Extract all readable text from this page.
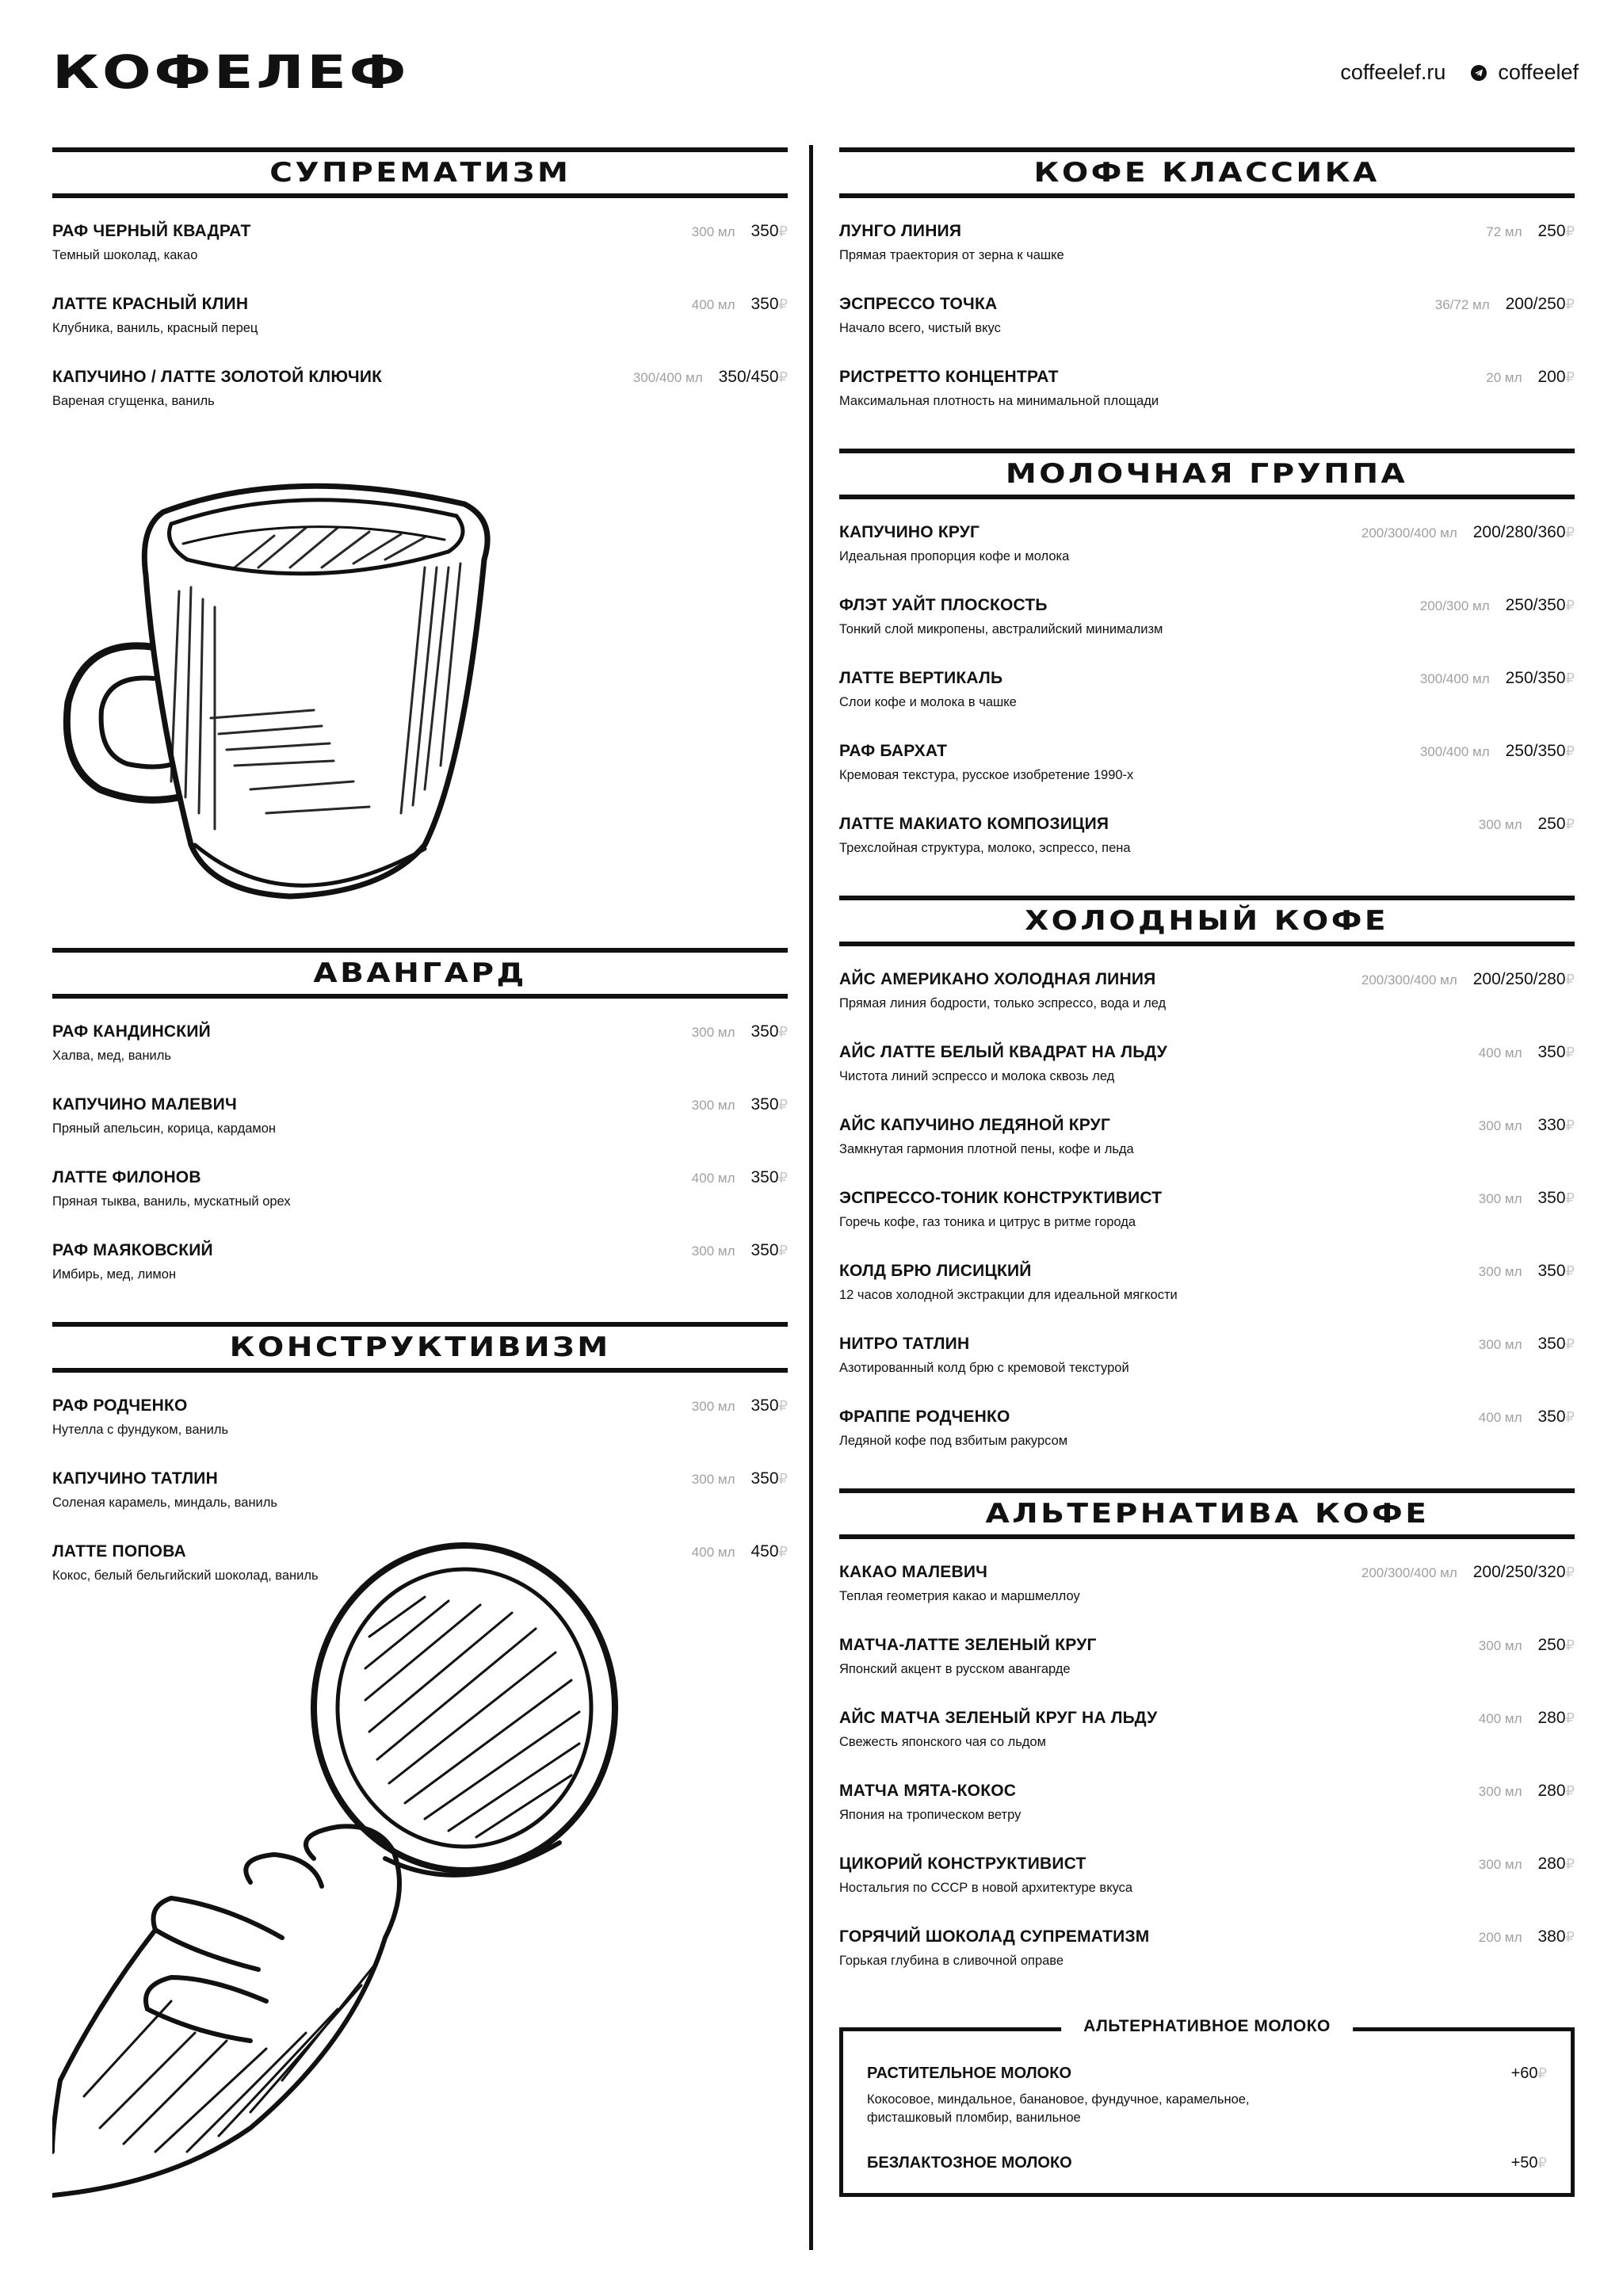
КОФЕЛЕФ	coffeelef.ru coffeelef
СУПРЕМАТИЗМ
РАФ ЧЕРНЫЙ КВАДРАТ
Темный шоколад, какао
300 мл 350₽
ЛАТТЕ КРАСНЫЙ КЛИН
Клубника, ваниль, красный перец
400 мл 350₽
КАПУЧИНО / ЛАТТЕ ЗОЛОТОЙ КЛЮЧИК
Вареная сгущенка, ваниль
300/400 мл 350/450₽
АВАНГАРД
РАФ КАНДИНСКИЙ
Халва, мед, ваниль
300 мл 350₽
КАПУЧИНО МАЛЕВИЧ
Пряный апельсин, корица, кардамон
300 мл 350₽
ЛАТТЕ ФИЛОНОВ
Пряная тыква, ваниль, мускатный орех
400 мл 350₽
РАФ МАЯКОВСКИЙ
Имбирь, мед, лимон
300 мл 350₽
КОНСТРУКТИВИЗМ
РАФ РОДЧЕНКО
Нутелла с фундуком, ваниль
300 мл 350₽
КАПУЧИНО ТАТЛИН
Соленая карамель, миндаль, ваниль
300 мл 350₽
ЛАТТЕ ПОПОВА
Кокос, белый бельгийский шоколад, ваниль
400 мл 450₽
КОФЕ КЛАССИКА
ЛУНГО ЛИНИЯ
Прямая траектория от зерна к чашке
72 мл 250₽
ЭСПРЕССО ТОЧКА
Начало всего, чистый вкус
36/72 мл 200/250₽
РИСТРЕТТО КОНЦЕНТРАТ
Максимальная плотность на минимальной площади
20 мл 200₽
МОЛОЧНАЯ ГРУППА
КАПУЧИНО КРУГ
Идеальная пропорция кофе и молока
200/300/400 мл 200/280/360₽
ФЛЭТ УАЙТ ПЛОСКОСТЬ
Тонкий слой микропены, австралийский минимализм
200/300 мл 250/350₽
ЛАТТЕ ВЕРТИКАЛЬ
Слои кофе и молока в чашке
300/400 мл 250/350₽
РАФ БАРХАТ
Кремовая текстура, русское изобретение 1990-х
300/400 мл 250/350₽
ЛАТТЕ МАКИАТО КОМПОЗИЦИЯ
Трехслойная структура, молоко, эспрессо, пена
300 мл 250₽
ХОЛОДНЫЙ КОФЕ
АЙС АМЕРИКАНО ХОЛОДНАЯ ЛИНИЯ
Прямая линия бодрости, только эспрессо, вода и лед
200/300/400 мл 200/250/280₽
АЙС ЛАТТЕ БЕЛЫЙ КВАДРАТ НА ЛЬДУ
Чистота линий эспрессо и молока сквозь лед
400 мл 350₽
АЙС КАПУЧИНО ЛЕДЯНОЙ КРУГ
Замкнутая гармония плотной пены, кофе и льда
300 мл 330₽
ЭСПРЕССО-ТОНИК КОНСТРУКТИВИСТ
Горечь кофе, газ тоника и цитрус в ритме города
300 мл 350₽
КОЛД БРЮ ЛИСИЦКИЙ
12 часов холодной экстракции для идеальной мягкости
300 мл 350₽
НИТРО ТАТЛИН
Азотированный колд брю с кремовой текстурой
300 мл 350₽
ФРАППЕ РОДЧЕНКО
Ледяной кофе под взбитым ракурсом
400 мл 350₽
АЛЬТЕРНАТИВА КОФЕ
КАКАО МАЛЕВИЧ
Теплая геометрия какао и маршмеллоу
200/300/400 мл 200/250/320₽
МАТЧА-ЛАТТЕ ЗЕЛЕНЫЙ КРУГ
Японский акцент в русском авангарде
300 мл 250₽
АЙС МАТЧА ЗЕЛЕНЫЙ КРУГ НА ЛЬДУ
Свежесть японского чая со льдом
400 мл 280₽
МАТЧА МЯТА-КОКОС
Япония на тропическом ветру
300 мл 280₽
ЦИКОРИЙ КОНСТРУКТИВИСТ
Ностальгия по СССР в новой архитектуре вкуса
300 мл 280₽
ГОРЯЧИЙ ШОКОЛАД СУПРЕМАТИЗМ
Горькая глубина в сливочной оправе
200 мл 380₽
АЛЬТЕРНАТИВНОЕ МОЛОКО
РАСТИТЕЛЬНОЕ МОЛОКО
Кокосовое, миндальное, банановое, фундучное, карамельное, фисташковый пломбир, ванильное
+60₽
БЕЗЛАКТОЗНОЕ МОЛОКО	+50₽
